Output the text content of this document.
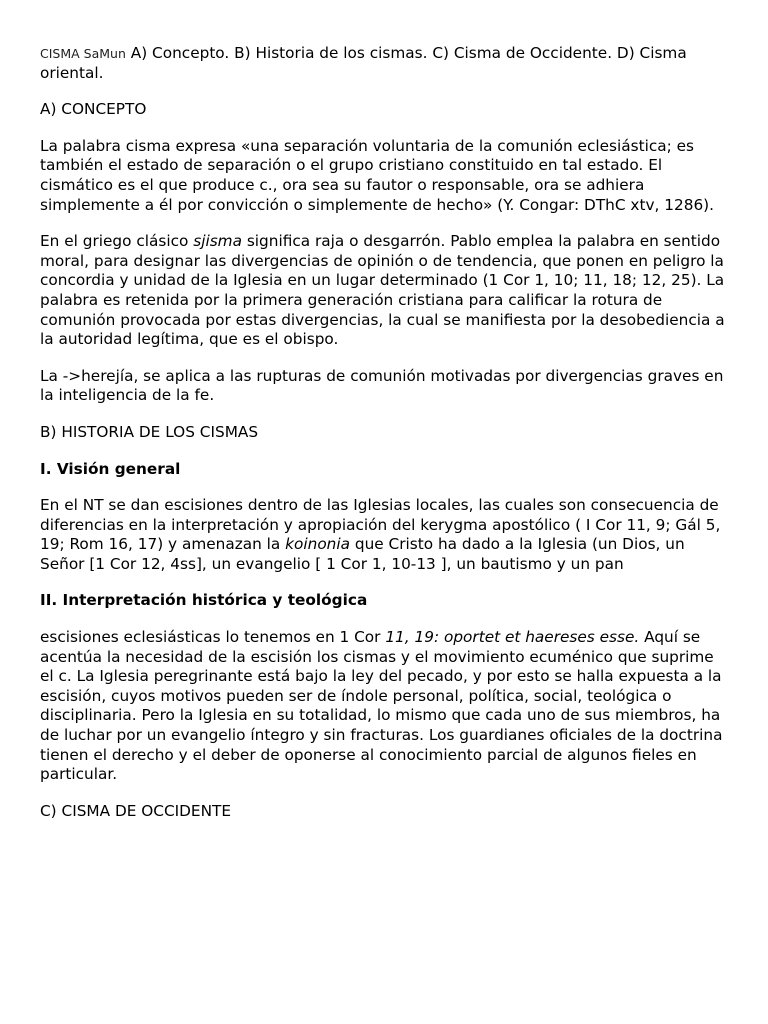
CISMA SaMun A) Concepto. B) Historia de los cismas. C) Cisma de Occidente. D) Cisma oriental.

A) CONCEPTO

La palabra cisma expresa «una separación voluntaria de la comunión eclesiástica; es también el estado de separación o el grupo cristiano constituido en tal estado. El cismático es el que produce c., ora sea su fautor o responsable, ora se adhiera simplemente a él por convicción o simplemente de hecho» (Y. Congar: DThC xtv, 1286).

En el griego clásico sjisma significa raja o desgarrón. Pablo emplea la palabra en sentido moral, para designar las divergencias de opinión o de tendencia, que ponen en peligro la concordia y unidad de la Iglesia en un lugar determinado (1 Cor 1, 10; 11, 18; 12, 25). La palabra es retenida por la primera generación cristiana para calificar la rotura de comunión provocada por estas divergencias, la cual se manifiesta por la desobediencia a la autoridad legítima, que es el obispo.

La ->herejía, se aplica a las rupturas de comunión motivadas por divergencias graves en la inteligencia de la fe.

B) HISTORIA DE LOS CISMAS

I. Visión general

En el NT se dan escisiones dentro de las Iglesias locales, las cuales son consecuencia de diferencias en la interpretación y apropiación del kerygma apostólico ( I Cor 11, 9; Gál 5, 19; Rom 16, 17) y amenazan la koinonia que Cristo ha dado a la Iglesia (un Dios, un Señor [1 Cor 12, 4ss], un evangelio [ 1 Cor 1, 10-13 ], un bautismo y un pan

II. Interpretación histórica y teológica

escisiones eclesiásticas lo tenemos en 1 Cor 11, 19: oportet et haereses esse. Aquí se acentúa la necesidad de la escisión los cismas y el movimiento ecuménico que suprime el c. La Iglesia peregrinante está bajo la ley del pecado, y por esto se halla expuesta a la escisión, cuyos motivos pueden ser de índole personal, política, social, teológica o disciplinaria. Pero la Iglesia en su totalidad, lo mismo que cada uno de sus miembros, ha de luchar por un evangelio íntegro y sin fracturas. Los guardianes oficiales de la doctrina tienen el derecho y el deber de oponerse al conocimiento parcial de algunos fieles en particular.

C) CISMA DE OCCIDENTE
